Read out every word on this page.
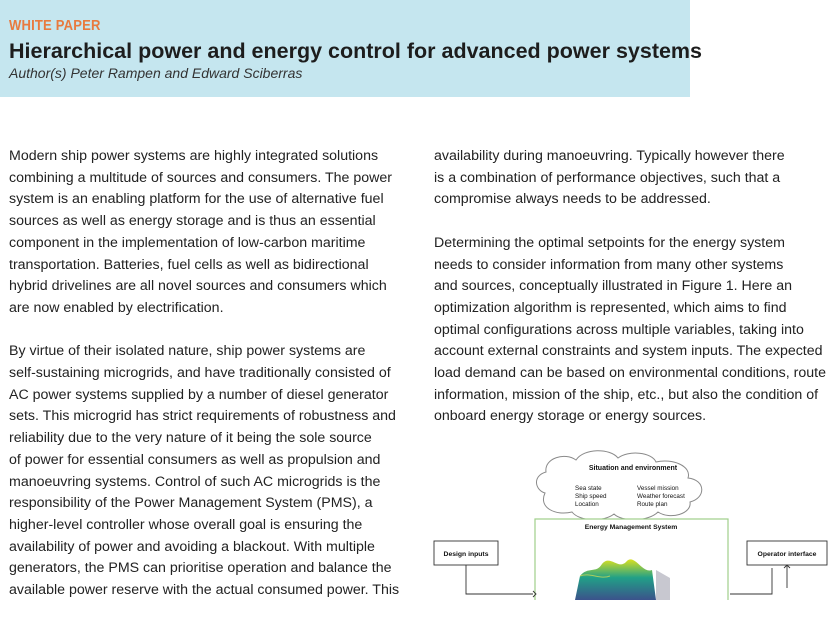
WHITE PAPER
Hierarchical power and energy control for advanced power systems
Author(s) Peter Rampen and Edward Sciberras

Modern ship power systems are highly integrated solutions
combining a multitude of sources and consumers. The power
system is an enabling platform for the use of alternative fuel
sources as well as energy storage and is thus an essential
component in the implementation of low-carbon maritime
transportation. Batteries, fuel cells as well as bidirectional
hybrid drivelines are all novel sources and consumers which
are now enabled by electrification.

By virtue of their isolated nature, ship power systems are
self-sustaining microgrids, and have traditionally consisted of
AC power systems supplied by a number of diesel generator
sets. This microgrid has strict requirements of robustness and
reliability due to the very nature of it being the sole source
of power for essential consumers as well as propulsion and
manoeuvring systems. Control of such AC microgrids is the
responsibility of the Power Management System (PMS), a
higher-level controller whose overall goal is ensuring the
availability of power and avoiding a blackout. With multiple
generators, the PMS can prioritise operation and balance the
available power reserve with the actual consumed power. This

availability during manoeuvring. Typically however there
is a combination of performance objectives, such that a
compromise always needs to be addressed.

Determining the optimal setpoints for the energy system
needs to consider information from many other systems
and sources, conceptually illustrated in Figure 1. Here an
optimization algorithm is represented, which aims to find
optimal configurations across multiple variables, taking into
account external constraints and system inputs. The expected
load demand can be based on environmental conditions, route
information, mission of the ship, etc., but also the condition of
onboard energy storage or energy sources.

Situation and environment
Sea state
Ship speed
Location
Vessel mission
Weather forecast
Route plan
Energy Management System
Design inputs	Operator interface
